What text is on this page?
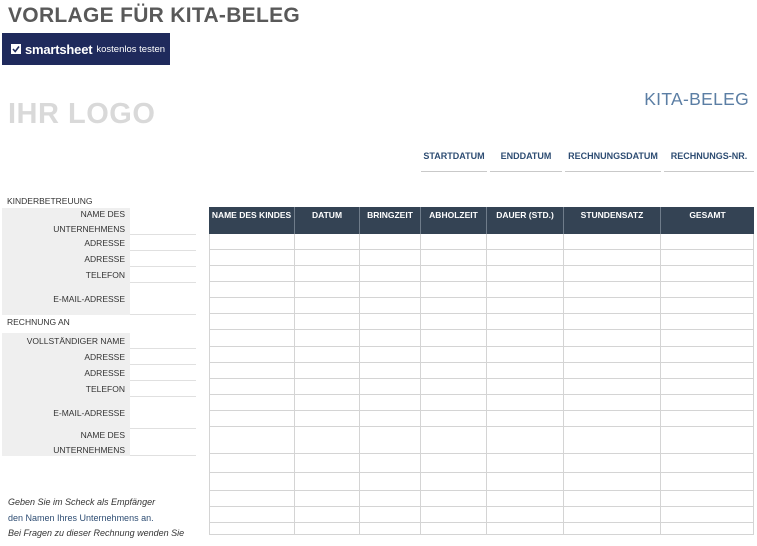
VORLAGE FÜR KITA-BELEG
smartsheet kostenlos testen
IHR LOGO	KITA-BELEG
STARTDATUM	ENDDATUM	RECHNUNGSDATUM	RECHNUNGS-NR.
KINDERBETREUUNG
NAME DES UNTERNEHMENS
ADRESSE
ADRESSE
TELEFON
E-MAIL-ADRESSE
RECHNUNG AN
VOLLSTÄNDIGER NAME
ADRESSE
ADRESSE
TELEFON
E-MAIL-ADRESSE
NAME DES UNTERNEHMENS
NAME DES KINDES	DATUM	BRINGZEIT	ABHOLZEIT	DAUER (STD.)	STUNDENSATZ	GESAMT
Geben Sie im Scheck als Empfänger
den Namen Ihres Unternehmens an.
Bei Fragen zu dieser Rechnung wenden Sie
